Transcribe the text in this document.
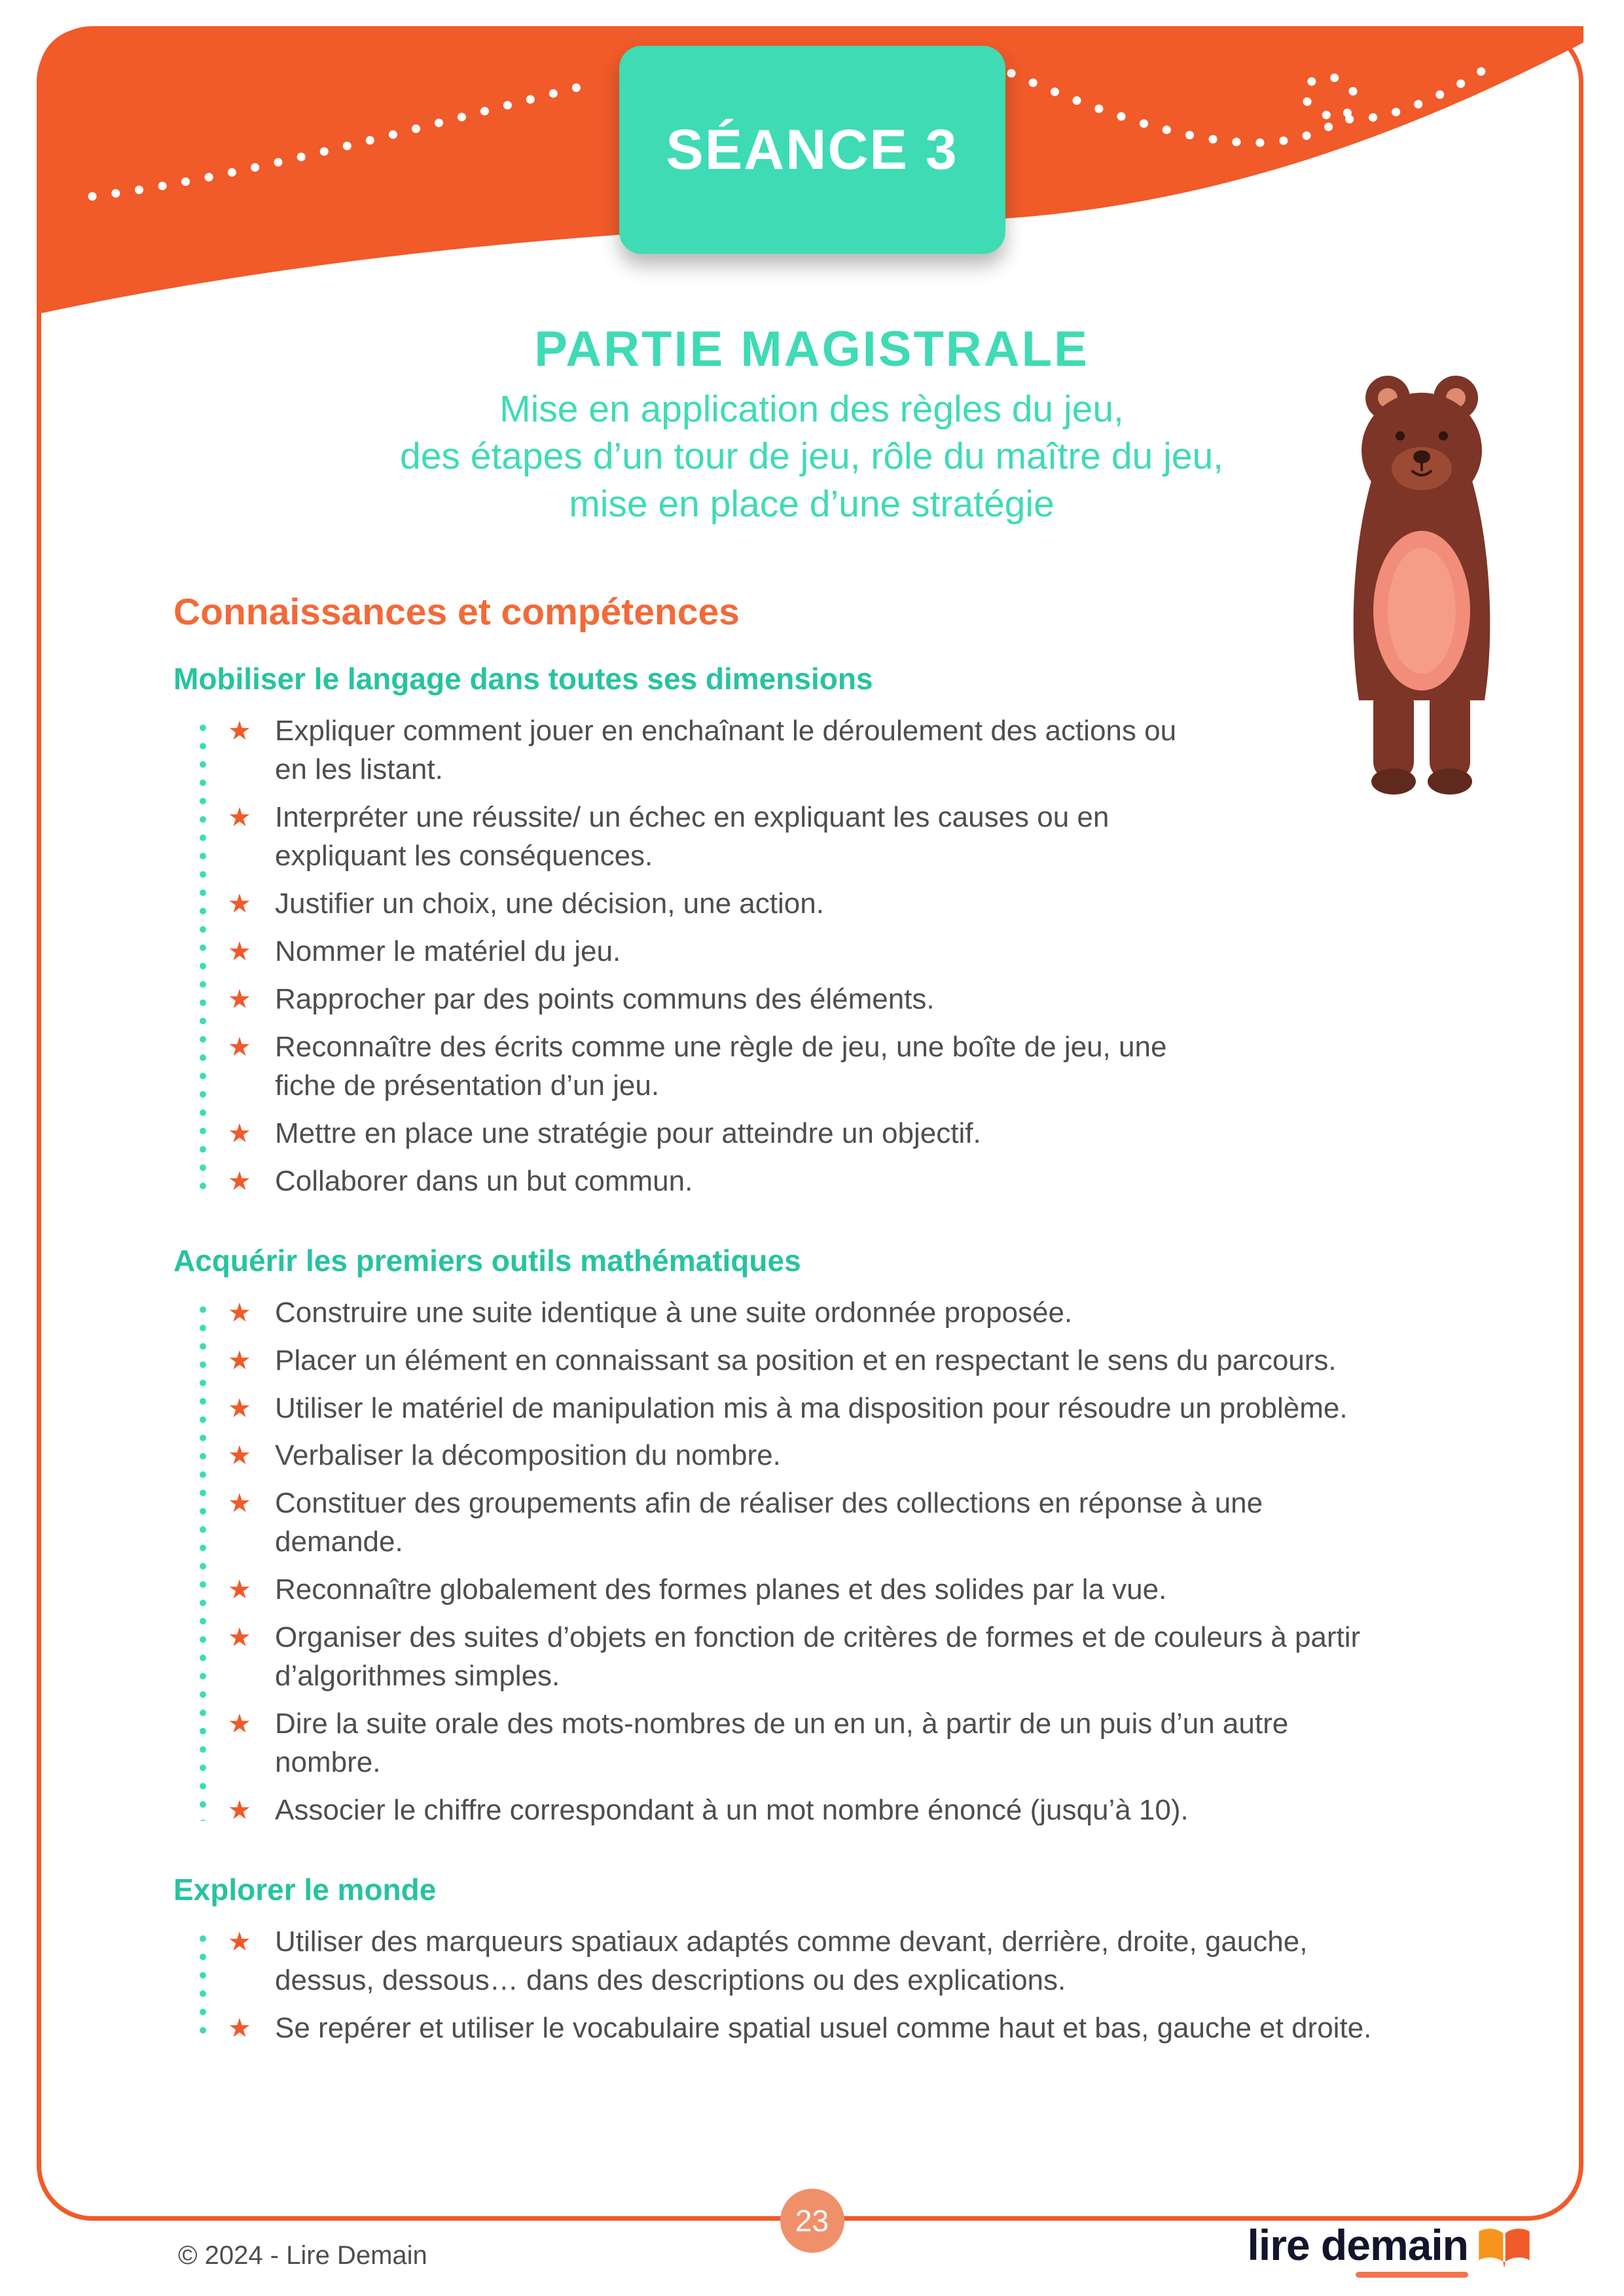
SÉANCE 3
PARTIE MAGISTRALE
Mise en application des règles du jeu,
des étapes d’un tour de jeu, rôle du maître du jeu,
mise en place d’une stratégie
Connaissances et compétences
Mobiliser le langage dans toutes ses dimensions
★ Expliquer comment jouer en enchaînant le déroulement des actions ou en les listant.
★ Interpréter une réussite/ un échec en expliquant les causes ou en expliquant les conséquences.
★ Justifier un choix, une décision, une action.
★ Nommer le matériel du jeu.
★ Rapprocher par des points communs des éléments.
★ Reconnaître des écrits comme une règle de jeu, une boîte de jeu, une fiche de présentation d’un jeu.
★ Mettre en place une stratégie pour atteindre un objectif.
★ Collaborer dans un but commun.
Acquérir les premiers outils mathématiques
★ Construire une suite identique à une suite ordonnée proposée.
★ Placer un élément en connaissant sa position et en respectant le sens du parcours.
★ Utiliser le matériel de manipulation mis à ma disposition pour résoudre un problème.
★ Verbaliser la décomposition du nombre.
★ Constituer des groupements afin de réaliser des collections en réponse à une demande.
★ Reconnaître globalement des formes planes et des solides par la vue.
★ Organiser des suites d’objets en fonction de critères de formes et de couleurs à partir d’algorithmes simples.
★ Dire la suite orale des mots-nombres de un en un, à partir de un puis d’un autre nombre.
★ Associer le chiffre correspondant à un mot nombre énoncé (jusqu’à 10).
Explorer le monde
★ Utiliser des marqueurs spatiaux adaptés comme devant, derrière, droite, gauche, dessus, dessous… dans des descriptions ou des explications.
★ Se repérer et utiliser le vocabulaire spatial usuel comme haut et bas, gauche et droite.
23
© 2024 - Lire Demain	lire demain
